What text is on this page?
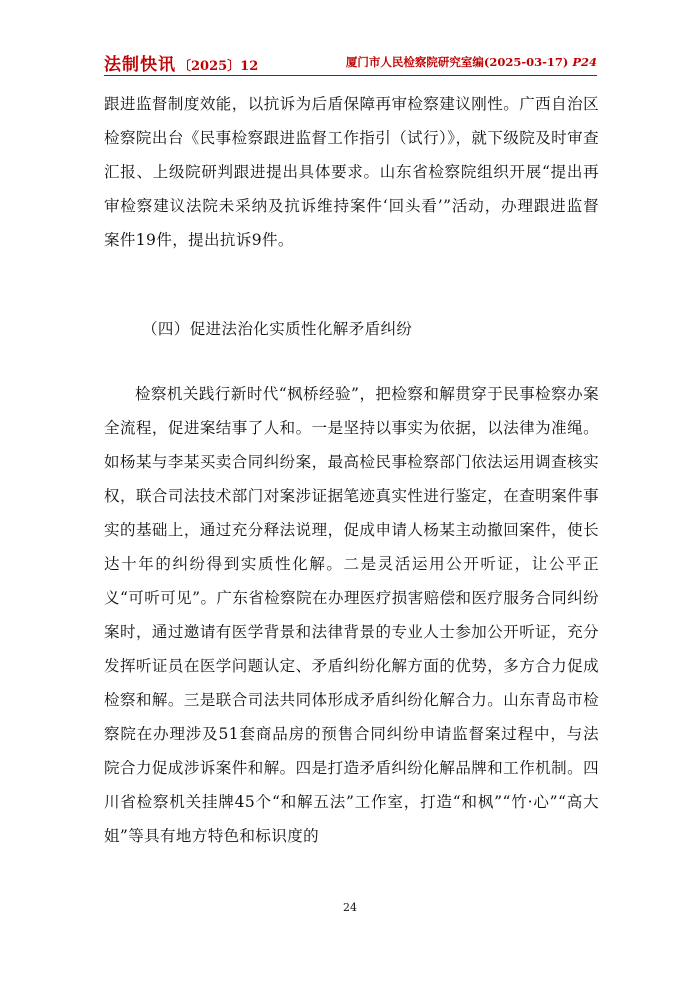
法制快讯 〔2025〕12	厦门市人民检察院研究室编(2025-03-17) P24
跟进监督制度效能，以抗诉为后盾保障再审检察建议刚性。广西自治区检察院出台《民事检察跟进监督工作指引（试行）》，就下级院及时审查汇报、上级院研判跟进提出具体要求。山东省检察院组织开展“提出再审检察建议法院未采纳及抗诉维持案件‘回头看’”活动，办理跟进监督案件19件，提出抗诉9件。
（四）促进法治化实质性化解矛盾纠纷
检察机关践行新时代“枫桥经验”，把检察和解贯穿于民事检察办案全流程，促进案结事了人和。一是坚持以事实为依据，以法律为准绳。如杨某与李某买卖合同纠纷案，最高检民事检察部门依法运用调查核实权，联合司法技术部门对案涉证据笔迹真实性进行鉴定，在查明案件事实的基础上，通过充分释法说理，促成申请人杨某主动撤回案件，使长达十年的纠纷得到实质性化解。二是灵活运用公开听证，让公平正义“可听可见”。广东省检察院在办理医疗损害赔偿和医疗服务合同纠纷案时，通过邀请有医学背景和法律背景的专业人士参加公开听证，充分发挥听证员在医学问题认定、矛盾纠纷化解方面的优势，多方合力促成检察和解。三是联合司法共同体形成矛盾纠纷化解合力。山东青岛市检察院在办理涉及51套商品房的预售合同纠纷申请监督案过程中，与法院合力促成涉诉案件和解。四是打造矛盾纠纷化解品牌和工作机制。四川省检察机关挂牌45个“和解五法”工作室，打造“和枫”“竹·心”“高大姐”等具有地方特色和标识度的
24
